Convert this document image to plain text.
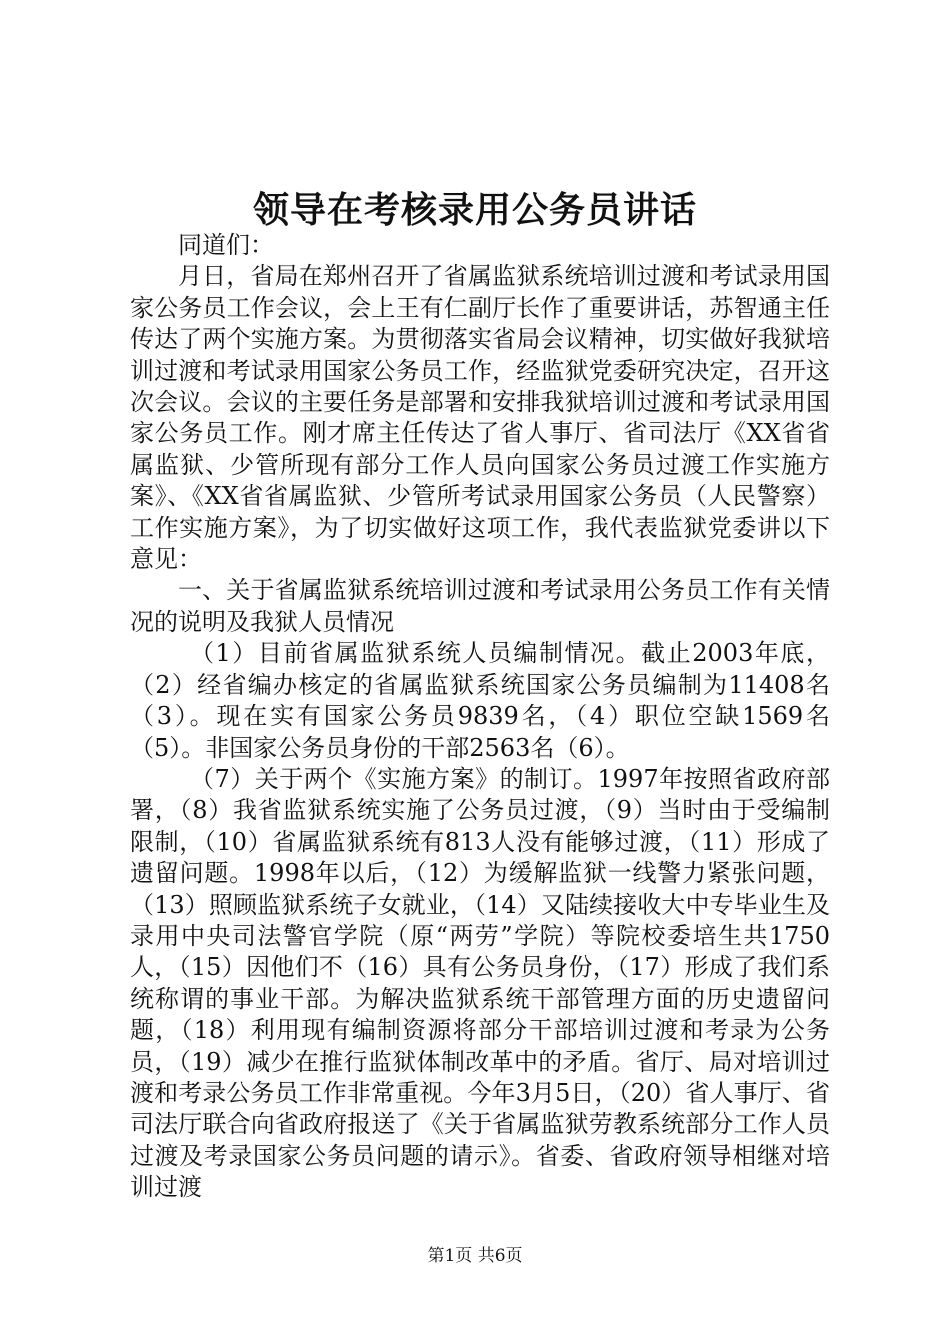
领导在考核录用公务员讲话

同道们：

月日，省局在郑州召开了省属监狱系统培训过渡和考试录用国家公务员工作会议，会上王有仁副厅长作了重要讲话，苏智通主任传达了两个实施方案。为贯彻落实省局会议精神，切实做好我狱培训过渡和考试录用国家公务员工作，经监狱党委研究决定，召开这次会议。会议的主要任务是部署和安排我狱培训过渡和考试录用国家公务员工作。刚才席主任传达了省人事厅、省司法厅《XX省省属监狱、少管所现有部分工作人员向国家公务员过渡工作实施方案》、《XX省省属监狱、少管所考试录用国家公务员（人民警察）工作实施方案》，为了切实做好这项工作，我代表监狱党委讲以下意见：

一、关于省属监狱系统培训过渡和考试录用公务员工作有关情况的说明及我狱人员情况

（1）目前省属监狱系统人员编制情况。截止2003年底，（2）经省编办核定的省属监狱系统国家公务员编制为11408名（3）。现在实有国家公务员9839名，（4）职位空缺1569名（5）。非国家公务员身份的干部2563名（6）。

（7）关于两个《实施方案》的制订。1997年按照省政府部署，（8）我省监狱系统实施了公务员过渡，（9）当时由于受编制限制，（10）省属监狱系统有813人没有能够过渡，（11）形成了遗留问题。1998年以后，（12）为缓解监狱一线警力紧张问题，（13）照顾监狱系统子女就业，（14）又陆续接收大中专毕业生及录用中央司法警官学院（原“两劳”学院）等院校委培生共1750人，（15）因他们不（16）具有公务员身份，（17）形成了我们系统称谓的事业干部。为解决监狱系统干部管理方面的历史遗留问题，（18）利用现有编制资源将部分干部培训过渡和考录为公务员，（19）减少在推行监狱体制改革中的矛盾。省厅、局对培训过渡和考录公务员工作非常重视。今年3月5日，（20）省人事厅、省司法厅联合向省政府报送了《关于省属监狱劳教系统部分工作人员过渡及考录国家公务员问题的请示》。省委、省政府领导相继对培训过渡

第1页 共6页
